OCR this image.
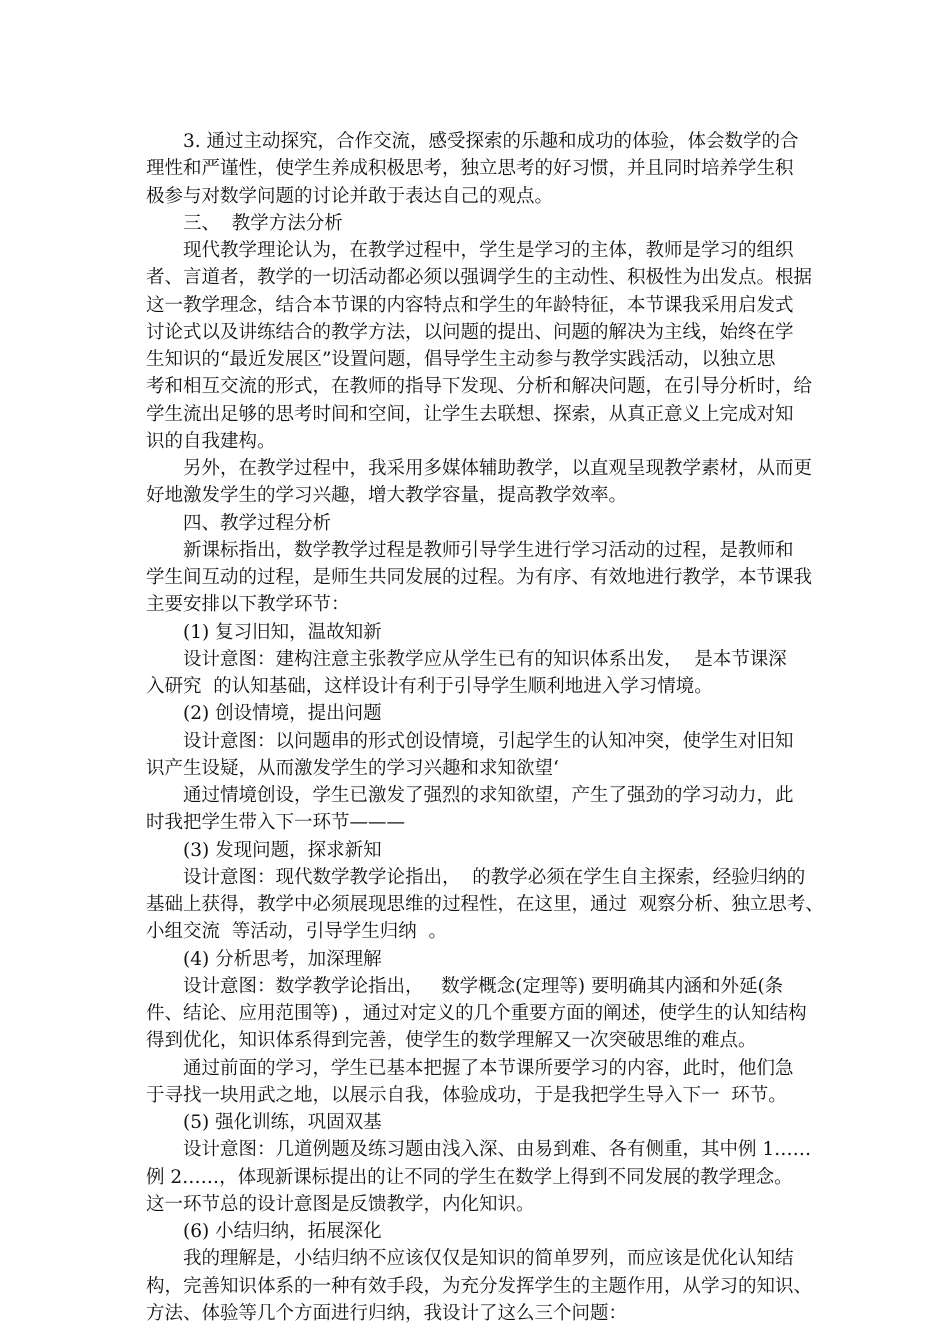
3. 通过主动探究，合作交流，感受探索的乐趣和成功的体验，体会数学的合
理性和严谨性，使学生养成积极思考，独立思考的好习惯，并且同时培养学生积
极参与对数学问题的讨论并敢于表达自己的观点。
三、  教学方法分析
现代教学理论认为，在教学过程中，学生是学习的主体，教师是学习的组织
者、言道者，教学的一切活动都必须以强调学生的主动性、积极性为出发点。根据
这一教学理念，结合本节课的内容特点和学生的年龄特征，本节课我采用启发式
讨论式以及讲练结合的教学方法，以问题的提出、问题的解决为主线，始终在学
生知识的“最近发展区”设置问题，倡导学生主动参与教学实践活动，以独立思
考和相互交流的形式，在教师的指导下发现、分析和解决问题，在引导分析时，给
学生流出足够的思考时间和空间，让学生去联想、探索，从真正意义上完成对知
识的自我建构。
另外，在教学过程中，我采用多媒体辅助教学，以直观呈现教学素材，从而更
好地激发学生的学习兴趣，增大教学容量，提高教学效率。
四、教学过程分析
新课标指出，数学教学过程是教师引导学生进行学习活动的过程，是教师和
学生间互动的过程，是师生共同发展的过程。为有序、有效地进行教学，本节课我
主要安排以下教学环节：
(1) 复习旧知，温故知新
设计意图：建构注意主张教学应从学生已有的知识体系出发，  是本节课深
入研究  的认知基础，这样设计有利于引导学生顺利地进入学习情境。
(2) 创设情境，提出问题
设计意图：以问题串的形式创设情境，引起学生的认知冲突，使学生对旧知
识产生设疑，从而激发学生的学习兴趣和求知欲望‘
通过情境创设，学生已激发了强烈的求知欲望，产生了强劲的学习动力，此
时我把学生带入下一环节———
(3) 发现问题，探求新知
设计意图：现代数学教学论指出，  的教学必须在学生自主探索，经验归纳的
基础上获得，教学中必须展现思维的过程性，在这里，通过  观察分析、独立思考、
小组交流  等活动，引导学生归纳  。
(4) 分析思考，加深理解
设计意图：数学教学论指出，   数学概念(定理等) 要明确其内涵和外延(条
件、结论、应用范围等) ，通过对定义的几个重要方面的阐述，使学生的认知结构
得到优化，知识体系得到完善，使学生的数学理解又一次突破思维的难点。
通过前面的学习，学生已基本把握了本节课所要学习的内容，此时，他们急
于寻找一块用武之地，以展示自我，体验成功，于是我把学生导入下一  环节。
(5) 强化训练，巩固双基
设计意图：几道例题及练习题由浅入深、由易到难、各有侧重，其中例 1……
例 2……，体现新课标提出的让不同的学生在数学上得到不同发展的教学理念。
这一环节总的设计意图是反馈教学，内化知识。
(6) 小结归纳，拓展深化
我的理解是，小结归纳不应该仅仅是知识的简单罗列，而应该是优化认知结
构，完善知识体系的一种有效手段，为充分发挥学生的主题作用，从学习的知识、
方法、体验等几个方面进行归纳，我设计了这么三个问题：
